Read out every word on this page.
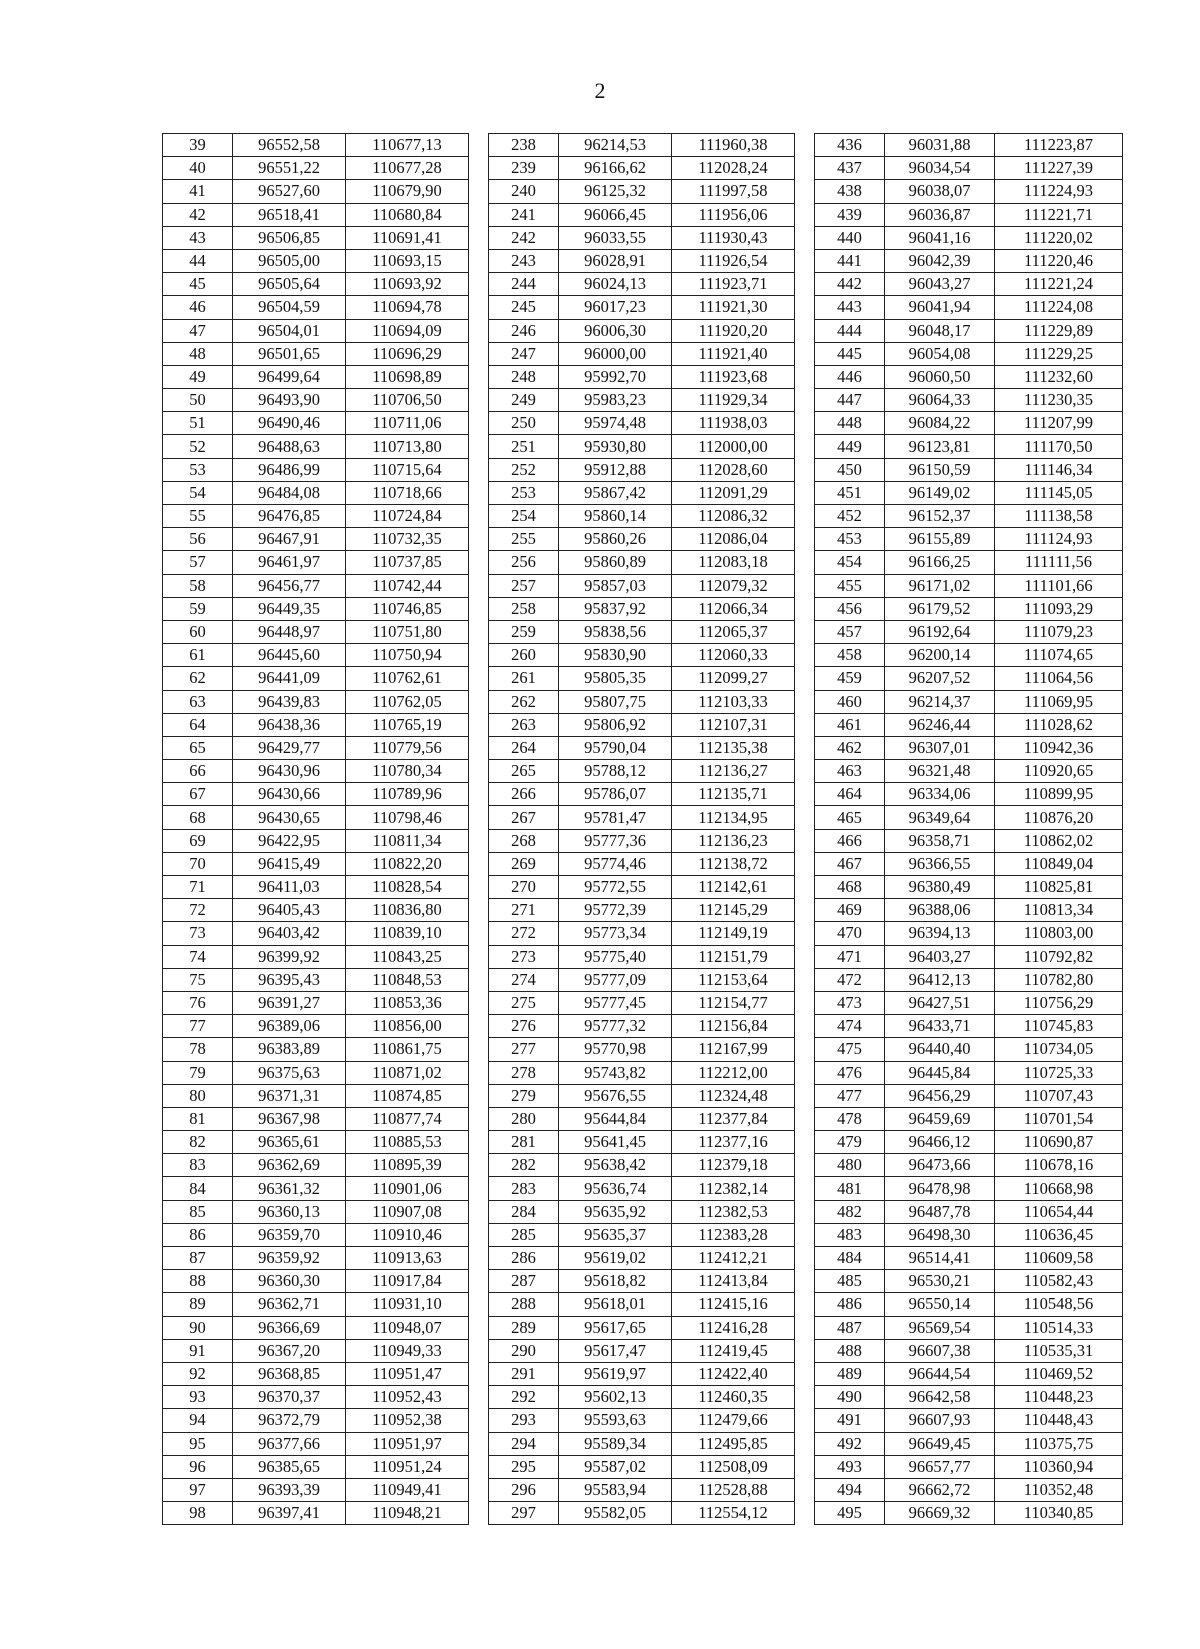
2
39	96552,58	110677,13		238	96214,53	111960,38		436	96031,88	111223,87
40	96551,22	110677,28		239	96166,62	112028,24		437	96034,54	111227,39
41	96527,60	110679,90		240	96125,32	111997,58		438	96038,07	111224,93
42	96518,41	110680,84		241	96066,45	111956,06		439	96036,87	111221,71
43	96506,85	110691,41		242	96033,55	111930,43		440	96041,16	111220,02
44	96505,00	110693,15		243	96028,91	111926,54		441	96042,39	111220,46
45	96505,64	110693,92		244	96024,13	111923,71		442	96043,27	111221,24
46	96504,59	110694,78		245	96017,23	111921,30		443	96041,94	111224,08
47	96504,01	110694,09		246	96006,30	111920,20		444	96048,17	111229,89
48	96501,65	110696,29		247	96000,00	111921,40		445	96054,08	111229,25
49	96499,64	110698,89		248	95992,70	111923,68		446	96060,50	111232,60
50	96493,90	110706,50		249	95983,23	111929,34		447	96064,33	111230,35
51	96490,46	110711,06		250	95974,48	111938,03		448	96084,22	111207,99
52	96488,63	110713,80		251	95930,80	112000,00		449	96123,81	111170,50
53	96486,99	110715,64		252	95912,88	112028,60		450	96150,59	111146,34
54	96484,08	110718,66		253	95867,42	112091,29		451	96149,02	111145,05
55	96476,85	110724,84		254	95860,14	112086,32		452	96152,37	111138,58
56	96467,91	110732,35		255	95860,26	112086,04		453	96155,89	111124,93
57	96461,97	110737,85		256	95860,89	112083,18		454	96166,25	111111,56
58	96456,77	110742,44		257	95857,03	112079,32		455	96171,02	111101,66
59	96449,35	110746,85		258	95837,92	112066,34		456	96179,52	111093,29
60	96448,97	110751,80		259	95838,56	112065,37		457	96192,64	111079,23
61	96445,60	110750,94		260	95830,90	112060,33		458	96200,14	111074,65
62	96441,09	110762,61		261	95805,35	112099,27		459	96207,52	111064,56
63	96439,83	110762,05		262	95807,75	112103,33		460	96214,37	111069,95
64	96438,36	110765,19		263	95806,92	112107,31		461	96246,44	111028,62
65	96429,77	110779,56		264	95790,04	112135,38		462	96307,01	110942,36
66	96430,96	110780,34		265	95788,12	112136,27		463	96321,48	110920,65
67	96430,66	110789,96		266	95786,07	112135,71		464	96334,06	110899,95
68	96430,65	110798,46		267	95781,47	112134,95		465	96349,64	110876,20
69	96422,95	110811,34		268	95777,36	112136,23		466	96358,71	110862,02
70	96415,49	110822,20		269	95774,46	112138,72		467	96366,55	110849,04
71	96411,03	110828,54		270	95772,55	112142,61		468	96380,49	110825,81
72	96405,43	110836,80		271	95772,39	112145,29		469	96388,06	110813,34
73	96403,42	110839,10		272	95773,34	112149,19		470	96394,13	110803,00
74	96399,92	110843,25		273	95775,40	112151,79		471	96403,27	110792,82
75	96395,43	110848,53		274	95777,09	112153,64		472	96412,13	110782,80
76	96391,27	110853,36		275	95777,45	112154,77		473	96427,51	110756,29
77	96389,06	110856,00		276	95777,32	112156,84		474	96433,71	110745,83
78	96383,89	110861,75		277	95770,98	112167,99		475	96440,40	110734,05
79	96375,63	110871,02		278	95743,82	112212,00		476	96445,84	110725,33
80	96371,31	110874,85		279	95676,55	112324,48		477	96456,29	110707,43
81	96367,98	110877,74		280	95644,84	112377,84		478	96459,69	110701,54
82	96365,61	110885,53		281	95641,45	112377,16		479	96466,12	110690,87
83	96362,69	110895,39		282	95638,42	112379,18		480	96473,66	110678,16
84	96361,32	110901,06		283	95636,74	112382,14		481	96478,98	110668,98
85	96360,13	110907,08		284	95635,92	112382,53		482	96487,78	110654,44
86	96359,70	110910,46		285	95635,37	112383,28		483	96498,30	110636,45
87	96359,92	110913,63		286	95619,02	112412,21		484	96514,41	110609,58
88	96360,30	110917,84		287	95618,82	112413,84		485	96530,21	110582,43
89	96362,71	110931,10		288	95618,01	112415,16		486	96550,14	110548,56
90	96366,69	110948,07		289	95617,65	112416,28		487	96569,54	110514,33
91	96367,20	110949,33		290	95617,47	112419,45		488	96607,38	110535,31
92	96368,85	110951,47		291	95619,97	112422,40		489	96644,54	110469,52
93	96370,37	110952,43		292	95602,13	112460,35		490	96642,58	110448,23
94	96372,79	110952,38		293	95593,63	112479,66		491	96607,93	110448,43
95	96377,66	110951,97		294	95589,34	112495,85		492	96649,45	110375,75
96	96385,65	110951,24		295	95587,02	112508,09		493	96657,77	110360,94
97	96393,39	110949,41		296	95583,94	112528,88		494	96662,72	110352,48
98	96397,41	110948,21		297	95582,05	112554,12		495	96669,32	110340,85
